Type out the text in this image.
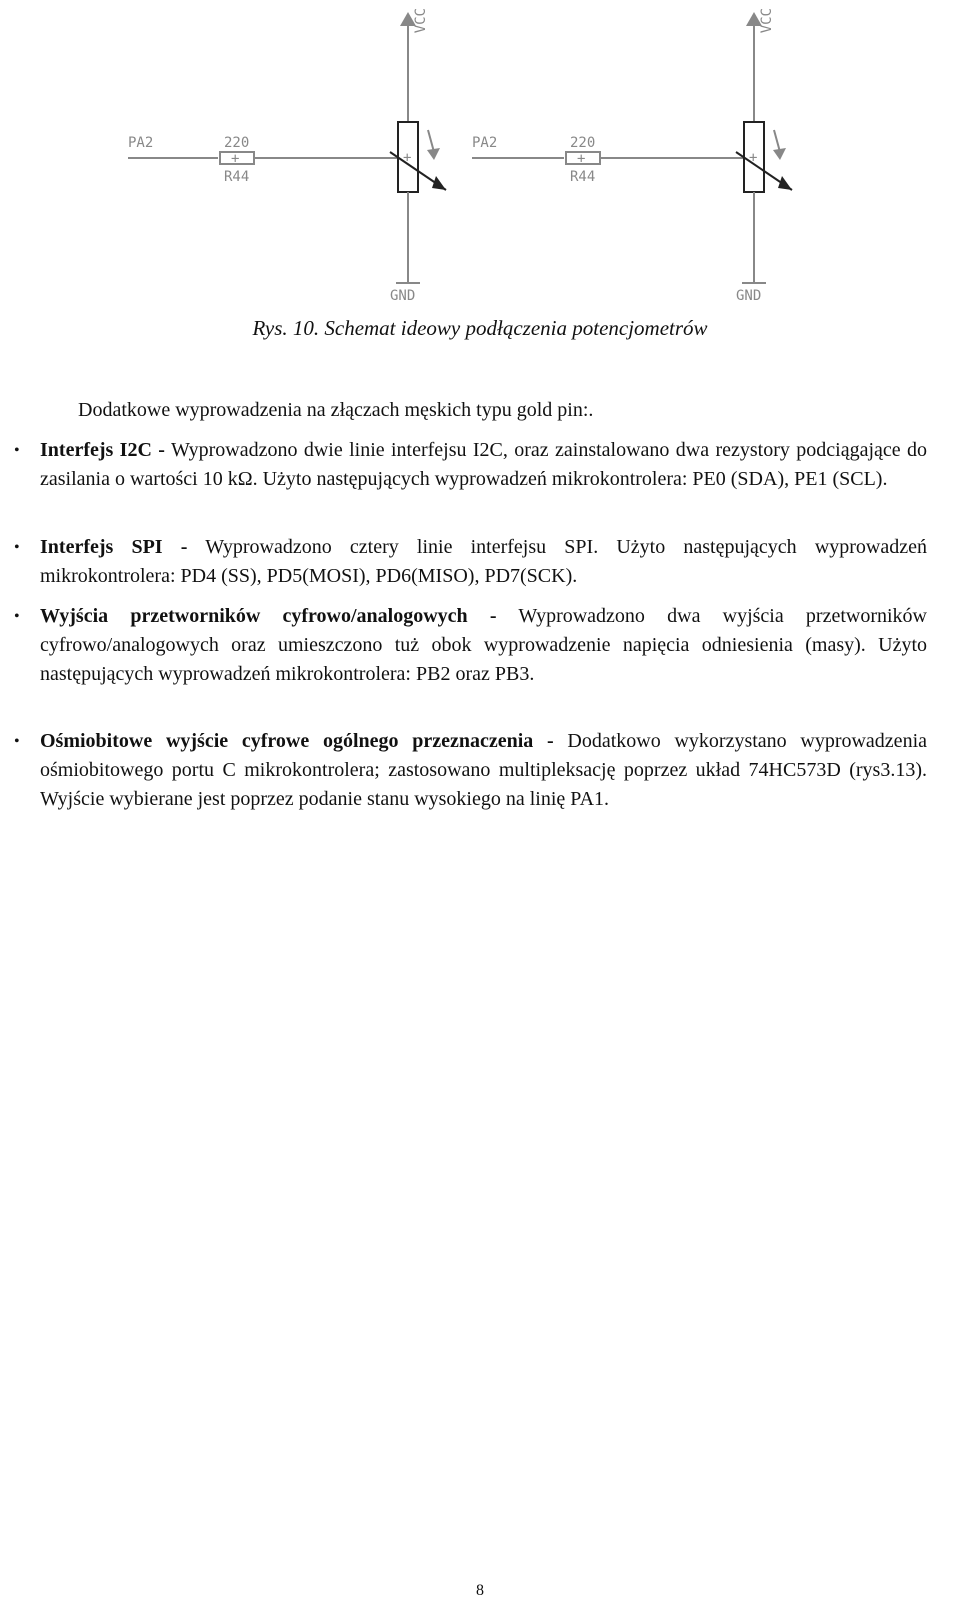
PA2
+
220
R44
VCC
+
GND
PA2
+
220
R44
VCC
+
GND
Rys. 10. Schemat ideowy podłączenia potencjometrów
Dodatkowe wyprowadzenia na złączach męskich typu gold pin:.
• Interfejs I2C - Wyprowadzono dwie linie interfejsu I2C, oraz zainstalowano dwa rezystory podciągające do zasilania o wartości 10 kΩ. Użyto następujących wyprowadzeń mikrokontrolera: PE0 (SDA), PE1 (SCL).
• Interfejs SPI - Wyprowadzono cztery linie interfejsu SPI. Użyto następujących wyprowadzeń mikrokontrolera: PD4 (SS), PD5(MOSI), PD6(MISO), PD7(SCK).
• Wyjścia przetworników cyfrowo/analogowych - Wyprowadzono dwa wyjścia przetworników cyfrowo/analogowych oraz umieszczono tuż obok wyprowadzenie napięcia odniesienia (masy). Użyto następujących wyprowadzeń mikrokontrolera: PB2 oraz PB3.
• Ośmiobitowe wyjście cyfrowe ogólnego przeznaczenia - Dodatkowo wykorzystano wyprowadzenia ośmiobitowego portu C mikrokontrolera; zastosowano multipleksację poprzez układ 74HC573D (rys3.13). Wyjście wybierane jest poprzez podanie stanu wysokiego na linię PA1.
8
